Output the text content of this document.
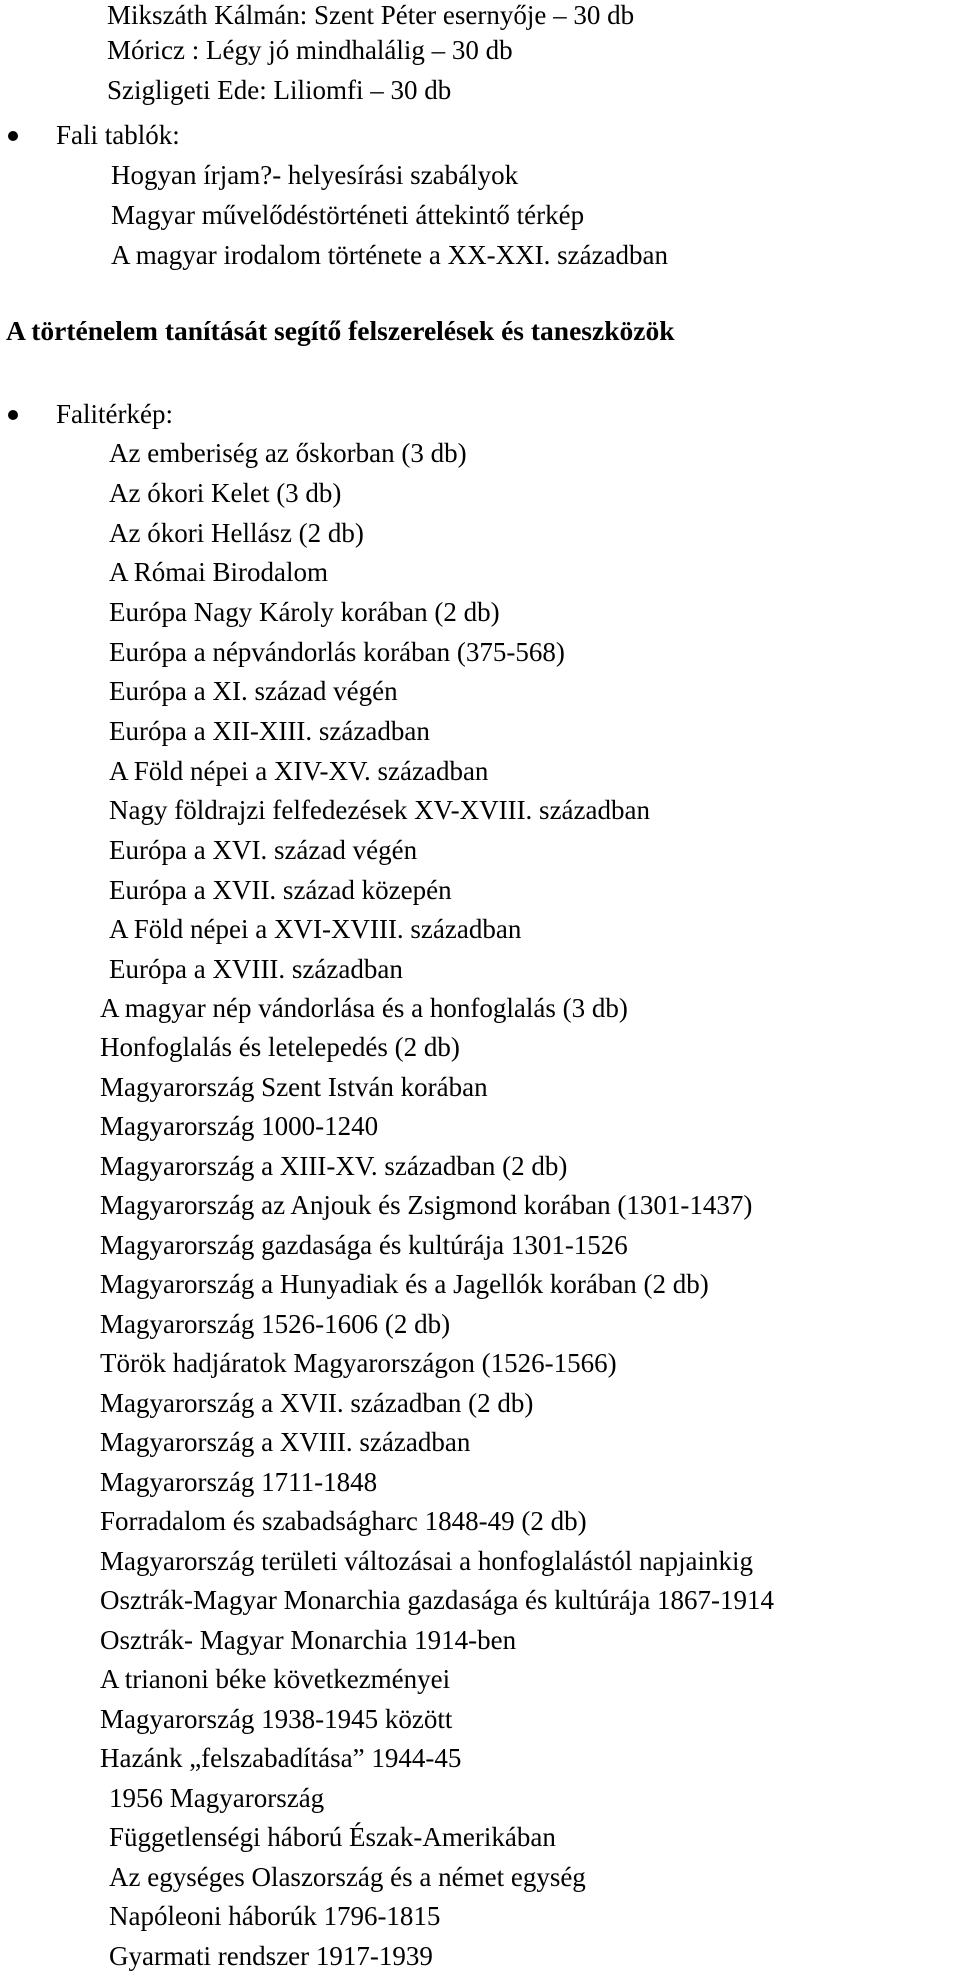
Mikszáth Kálmán: Szent Péter esernyője – 30 db
Móricz : Légy jó mindhalálig – 30 db
Szigligeti Ede: Liliomfi – 30 db
Fali tablók:
Hogyan írjam?- helyesírási szabályok
Magyar művelődéstörténeti áttekintő térkép
A magyar irodalom története a XX-XXI. században
A történelem tanítását segítő felszerelések és taneszközök
Falitérkép:
Az emberiség az őskorban (3 db)
Az ókori Kelet (3 db)
Az ókori Hellász (2 db)
A Római Birodalom
Európa Nagy Károly korában (2 db)
Európa a népvándorlás korában (375-568)
Európa a XI. század végén
Európa a XII-XIII. században
A Föld népei a XIV-XV. században
Nagy földrajzi felfedezések XV-XVIII. században
Európa a XVI. század végén
Európa a XVII. század közepén
A Föld népei a XVI-XVIII. században
Európa a XVIII. században
A magyar nép vándorlása és a honfoglalás (3 db)
Honfoglalás és letelepedés (2 db)
Magyarország Szent István korában
Magyarország 1000-1240
Magyarország a XIII-XV. században (2 db)
Magyarország az Anjouk és Zsigmond korában (1301-1437)
Magyarország gazdasága és kultúrája 1301-1526
Magyarország a Hunyadiak és a Jagellók korában (2 db)
Magyarország 1526-1606 (2 db)
Török hadjáratok Magyarországon (1526-1566)
Magyarország a XVII. században (2 db)
Magyarország a XVIII. században
Magyarország 1711-1848
Forradalom és szabadságharc 1848-49 (2 db)
Magyarország területi változásai a honfoglalástól napjainkig
Osztrák-Magyar Monarchia gazdasága és kultúrája 1867-1914
Osztrák- Magyar Monarchia 1914-ben
A trianoni béke következményei
Magyarország 1938-1945 között
Hazánk „felszabadítása” 1944-45
1956 Magyarország
Függetlenségi háború Észak-Amerikában
Az egységes Olaszország és a német egység
Napóleoni háborúk 1796-1815
Gyarmati rendszer 1917-1939
